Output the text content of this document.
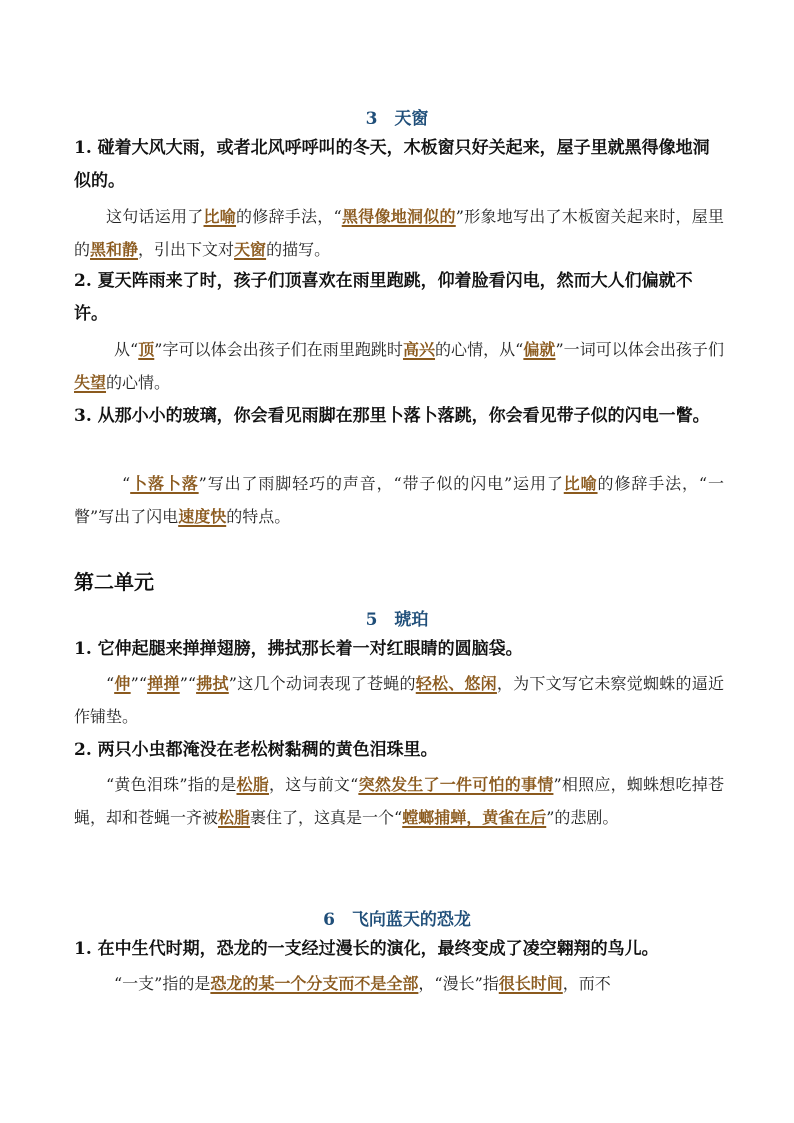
3　天窗
1. 碰着大风大雨，或者北风呼呼叫的冬天，木板窗只好关起来，屋子里就黑得像地洞似的。
这句话运用了比喻的修辞手法，“黑得像地洞似的”形象地写出了木板窗关起来时，屋里的黑和静，引出下文对天窗的描写。
2. 夏天阵雨来了时，孩子们顶喜欢在雨里跑跳，仰着脸看闪电，然而大人们偏就不许。
从“顶”字可以体会出孩子们在雨里跑跳时高兴的心情，从“偏就”一词可以体会出孩子们失望的心情。
3. 从那小小的玻璃，你会看见雨脚在那里卜落卜落跳，你会看见带子似的闪电一瞥。
“卜落卜落”写出了雨脚轻巧的声音，“带子似的闪电”运用了比喻的修辞手法，“一瞥”写出了闪电速度快的特点。
第二单元
5　琥珀
1. 它伸起腿来掸掸翅膀，拂拭那长着一对红眼睛的圆脑袋。
“伸”“掸掸”“拂拭”这几个动词表现了苍蝇的轻松、悠闲，为下文写它未察觉蜘蛛的逼近作铺垫。
2. 两只小虫都淹没在老松树黏稠的黄色泪珠里。
“黄色泪珠”指的是松脂，这与前文“突然发生了一件可怕的事情”相照应，蜘蛛想吃掉苍蝇，却和苍蝇一齐被松脂裹住了，这真是一个“螳螂捕蝉，黄雀在后”的悲剧。
6　飞向蓝天的恐龙
1. 在中生代时期，恐龙的一支经过漫长的演化，最终变成了凌空翱翔的鸟儿。
“一支”指的是恐龙的某一个分支而不是全部，“漫长”指很长时间，而不
